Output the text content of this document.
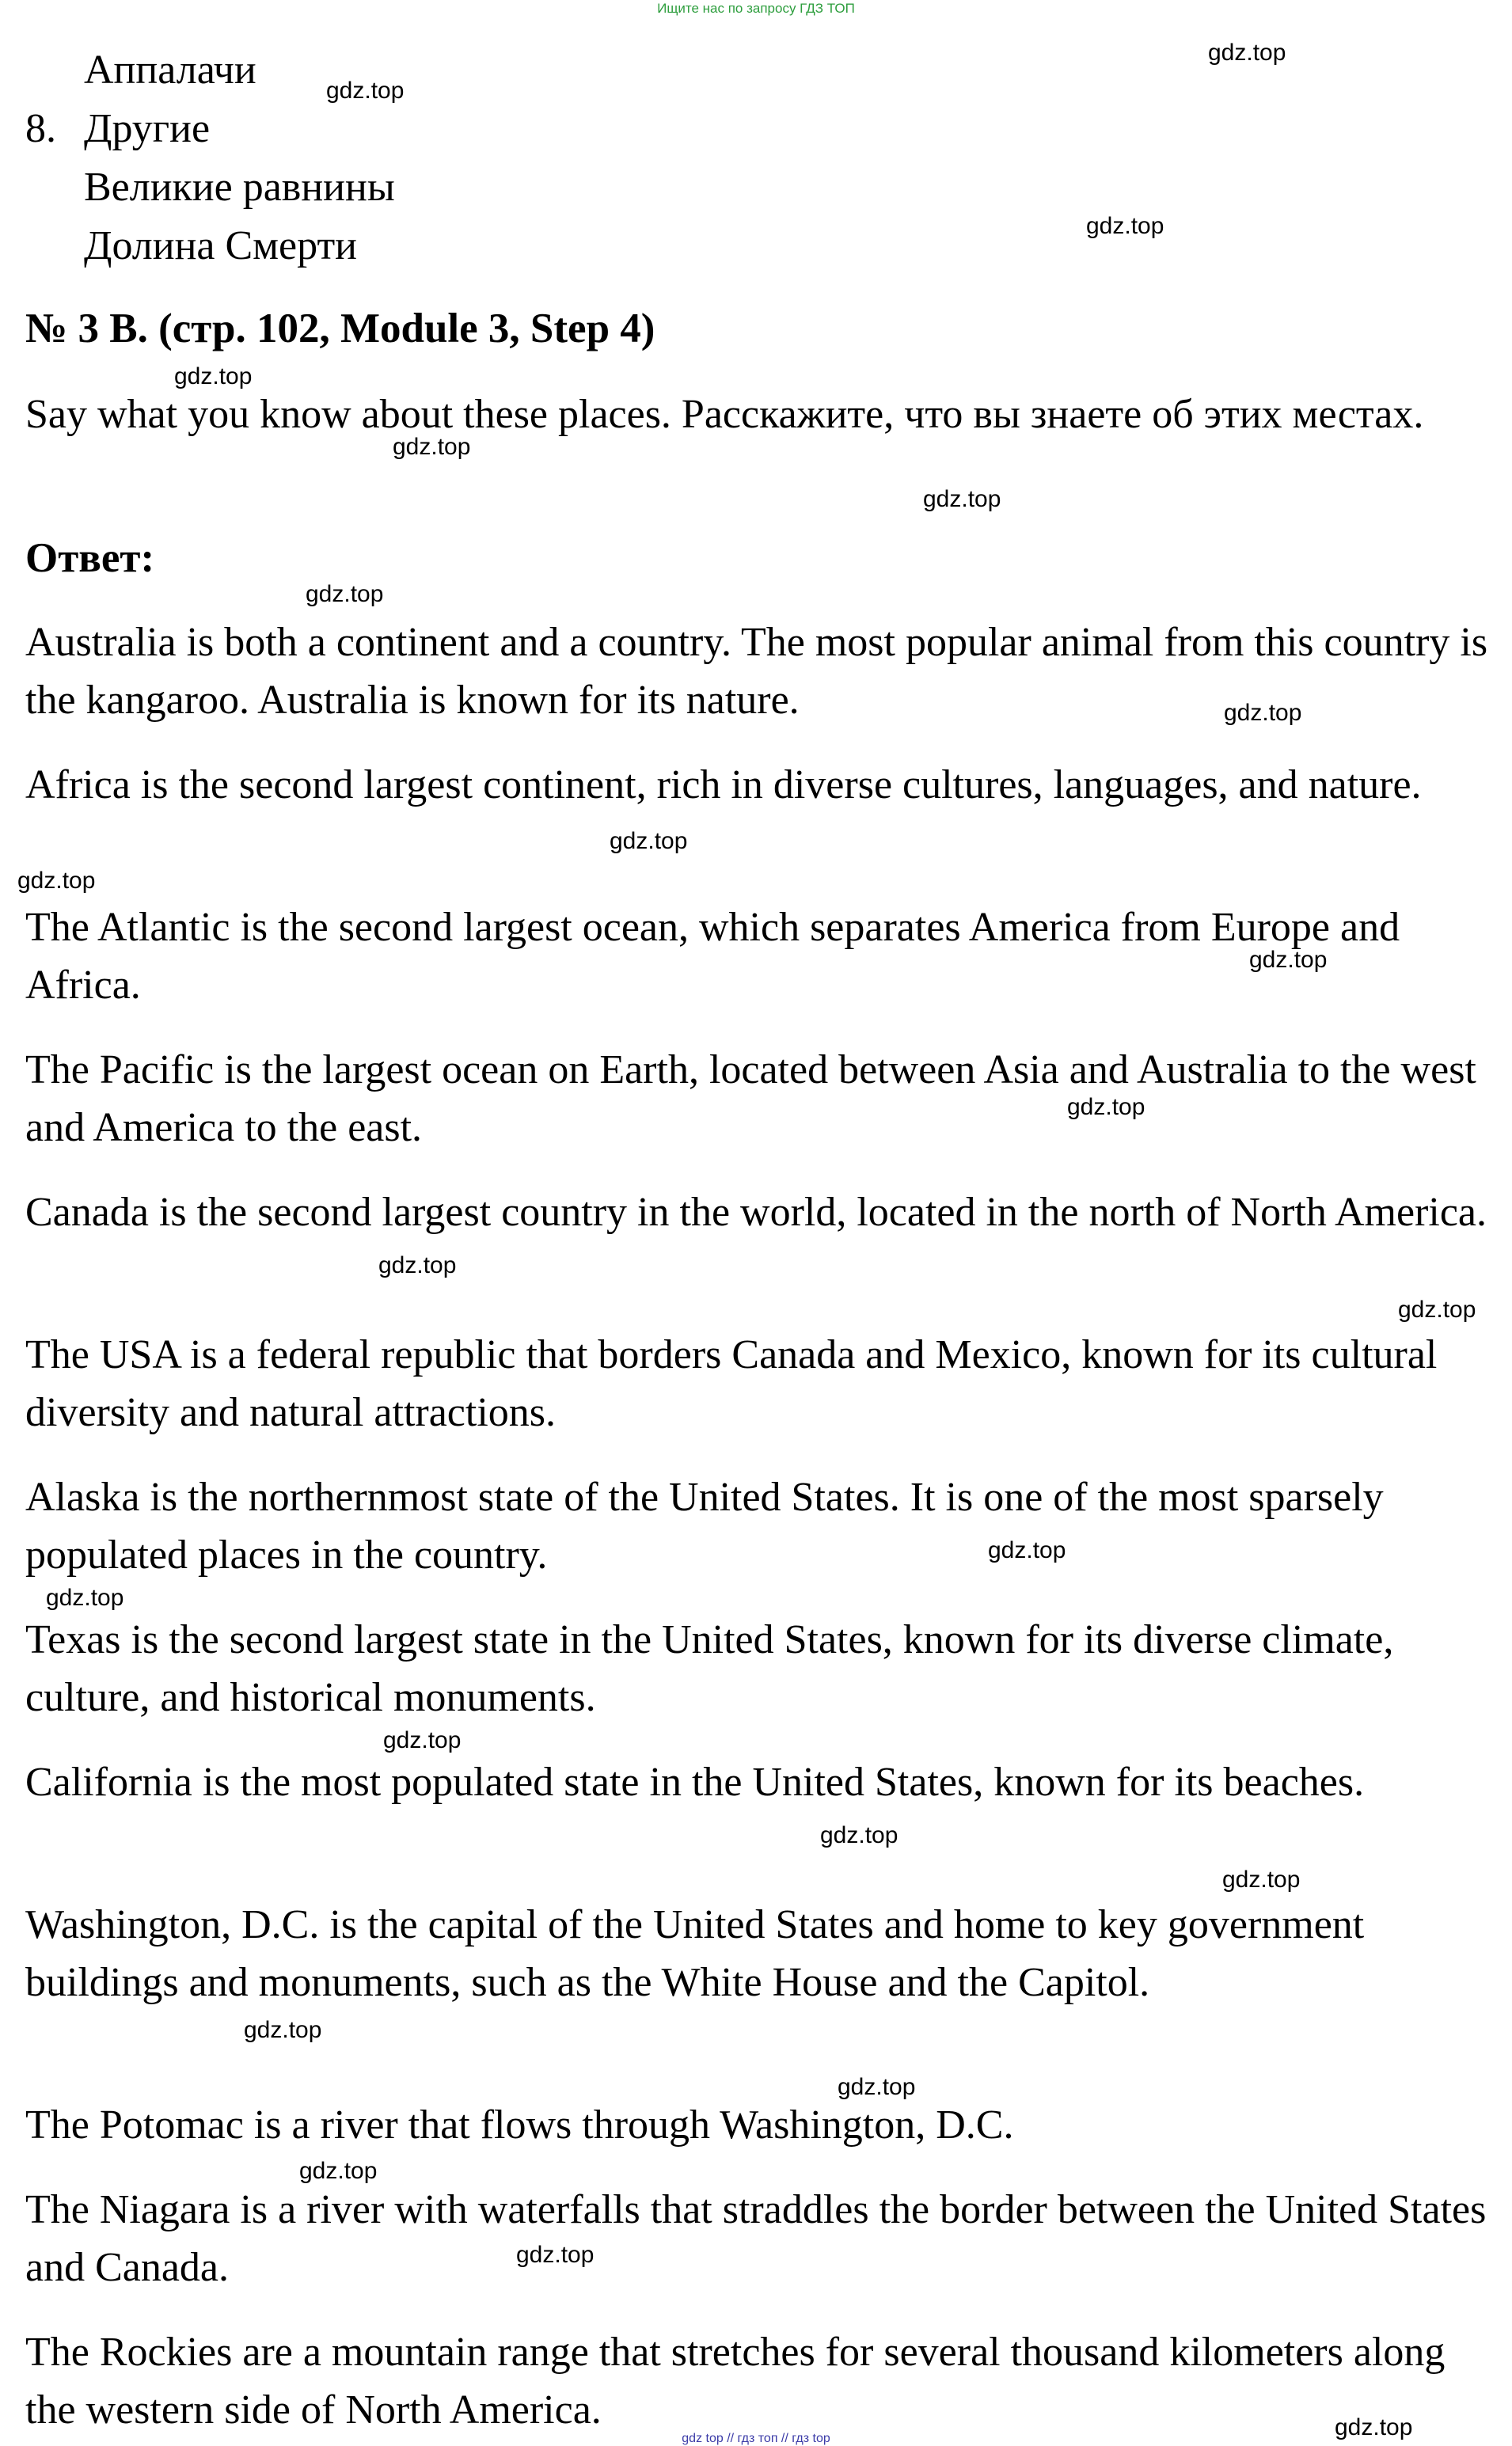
Ищите нас по запросу ГДЗ ТОП
Аппалачи
8. Другие
Великие равнины
Долина Смерти
№ 3 B. (стр. 102, Module 3, Step 4)
Say what you know about these places. Расскажите, что вы знаете об этих местах.
Ответ:
Australia is both a continent and a country. The most popular animal from this country is the kangaroo. Australia is known for its nature.
Africa is the second largest continent, rich in diverse cultures, languages, and nature.
The Atlantic is the second largest ocean, which separates America from Europe and Africa.
The Pacific is the largest ocean on Earth, located between Asia and Australia to the west and America to the east.
Canada is the second largest country in the world, located in the north of North America.
The USA is a federal republic that borders Canada and Mexico, known for its cultural diversity and natural attractions.
Alaska is the northernmost state of the United States. It is one of the most sparsely populated places in the country.
Texas is the second largest state in the United States, known for its diverse climate, culture, and historical monuments.
California is the most populated state in the United States, known for its beaches.
Washington, D.C. is the capital of the United States and home to key government buildings and monuments, such as the White House and the Capitol.
The Potomac is a river that flows through Washington, D.C.
The Niagara is a river with waterfalls that straddles the border between the United States and Canada.
The Rockies are a mountain range that stretches for several thousand kilometers along the western side of North America.
gdz.top
gdz.top
gdz.top
gdz.top
gdz.top
gdz.top
gdz.top
gdz.top
gdz.top
gdz.top
gdz.top
gdz.top
gdz.top
gdz.top
gdz.top
gdz.top
gdz.top
gdz.top
gdz.top
gdz.top
gdz.top
gdz.top
gdz.top
gdz.top
gdz top // гдз топ // гдз top
